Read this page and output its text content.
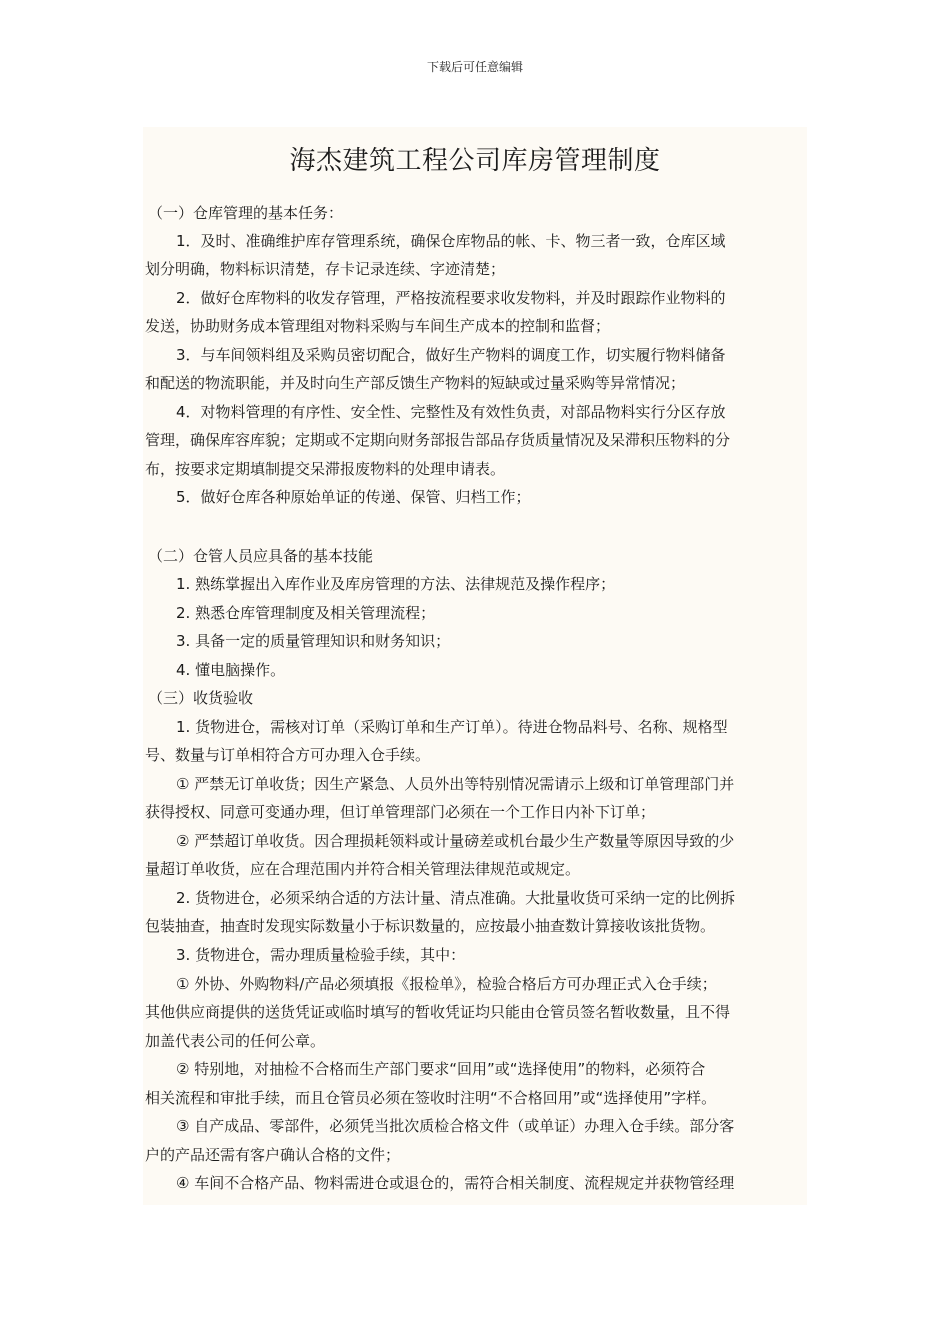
下载后可任意编辑
海杰建筑工程公司库房管理制度
（一）仓库管理的基本任务：
1．及时、准确维护库存管理系统，确保仓库物品的帐、卡、物三者一致，仓库区域
划分明确，物料标识清楚，存卡记录连续、字迹清楚；
2．做好仓库物料的收发存管理，严格按流程要求收发物料，并及时跟踪作业物料的
发送，协助财务成本管理组对物料采购与车间生产成本的控制和监督；
3．与车间领料组及采购员密切配合，做好生产物料的调度工作，切实履行物料储备
和配送的物流职能，并及时向生产部反馈生产物料的短缺或过量采购等异常情况；
4．对物料管理的有序性、安全性、完整性及有效性负责，对部品物料实行分区存放
管理，确保库容库貌；定期或不定期向财务部报告部品存货质量情况及呆滞积压物料的分
布，按要求定期填制提交呆滞报废物料的处理申请表。
5．做好仓库各种原始单证的传递、保管、归档工作；
（二）仓管人员应具备的基本技能
1. 熟练掌握出入库作业及库房管理的方法、法律规范及操作程序；
2. 熟悉仓库管理制度及相关管理流程；
3. 具备一定的质量管理知识和财务知识；
4. 懂电脑操作。
（三）收货验收
1. 货物进仓，需核对订单（采购订单和生产订单）。待进仓物品料号、名称、规格型
号、数量与订单相符合方可办理入仓手续。
① 严禁无订单收货；因生产紧急、人员外出等特别情况需请示上级和订单管理部门并
获得授权、同意可变通办理，但订单管理部门必须在一个工作日内补下订单；
② 严禁超订单收货。因合理损耗领料或计量磅差或机台最少生产数量等原因导致的少
量超订单收货，应在合理范围内并符合相关管理法律规范或规定。
2. 货物进仓，必须采纳合适的方法计量、清点准确。大批量收货可采纳一定的比例拆
包装抽查，抽查时发现实际数量小于标识数量的，应按最小抽查数计算接收该批货物。
3. 货物进仓，需办理质量检验手续，其中：
① 外协、外购物料/产品必须填报《报检单》，检验合格后方可办理正式入仓手续；
其他供应商提供的送货凭证或临时填写的暂收凭证均只能由仓管员签名暂收数量，且不得
加盖代表公司的任何公章。
② 特别地，对抽检不合格而生产部门要求“回用”或“选择使用”的物料，必须符合
相关流程和审批手续，而且仓管员必须在签收时注明“不合格回用”或“选择使用”字样。
③ 自产成品、零部件，必须凭当批次质检合格文件（或单证）办理入仓手续。部分客
户的产品还需有客户确认合格的文件；
④ 车间不合格产品、物料需进仓或退仓的，需符合相关制度、流程规定并获物管经理
